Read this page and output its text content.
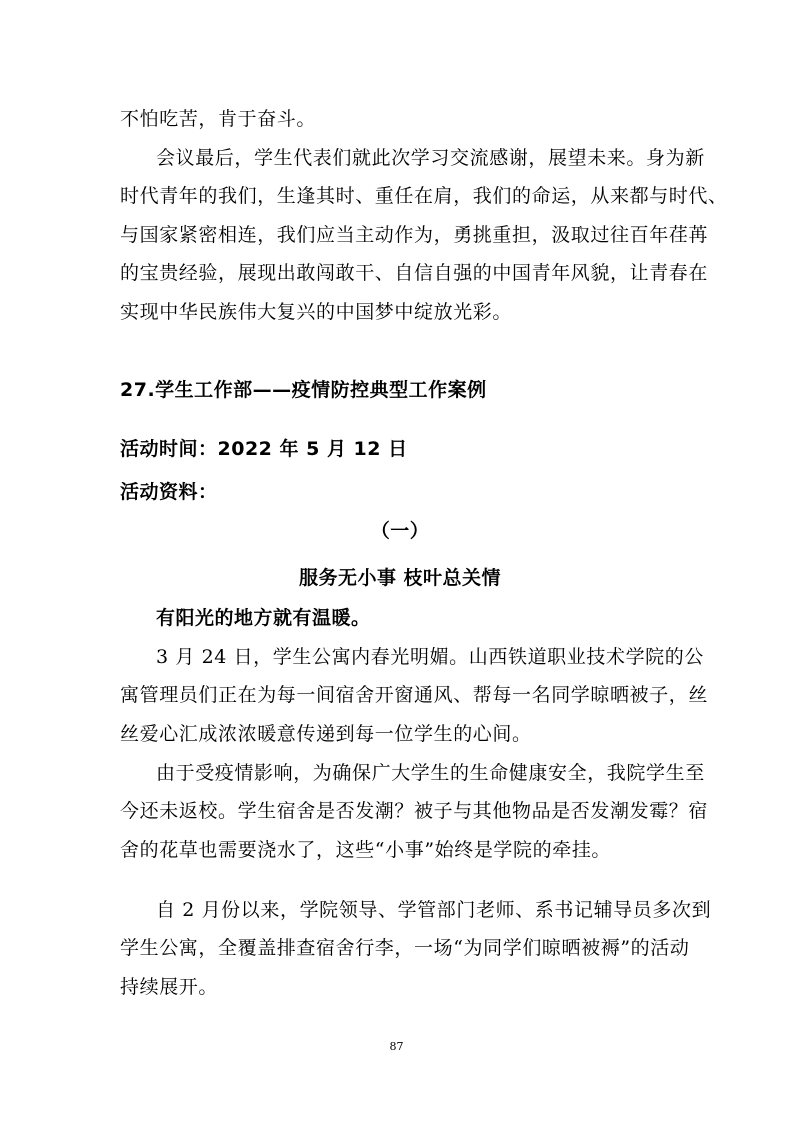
不怕吃苦，肯于奋斗。

会议最后，学生代表们就此次学习交流感谢，展望未来。身为新
时代青年的我们，生逢其时、重任在肩，我们的命运，从来都与时代、
与国家紧密相连，我们应当主动作为，勇挑重担，汲取过往百年荏苒
的宝贵经验，展现出敢闯敢干、自信自强的中国青年风貌，让青春在
实现中华民族伟大复兴的中国梦中绽放光彩。

27.学生工作部——疫情防控典型工作案例
活动时间：2022 年 5 月 12 日
活动资料：
（一）
服务无小事 枝叶总关情
有阳光的地方就有温暖。

3 月 24 日，学生公寓内春光明媚。山西铁道职业技术学院的公
寓管理员们正在为每一间宿舍开窗通风、帮每一名同学晾晒被子，丝
丝爱心汇成浓浓暖意传递到每一位学生的心间。

由于受疫情影响，为确保广大学生的生命健康安全，我院学生至
今还未返校。学生宿舍是否发潮？被子与其他物品是否发潮发霉？宿
舍的花草也需要浇水了，这些“小事”始终是学院的牵挂。

自 2 月份以来，学院领导、学管部门老师、系书记辅导员多次到
学生公寓，全覆盖排查宿舍行李，一场“为同学们晾晒被褥”的活动
持续展开。

87
